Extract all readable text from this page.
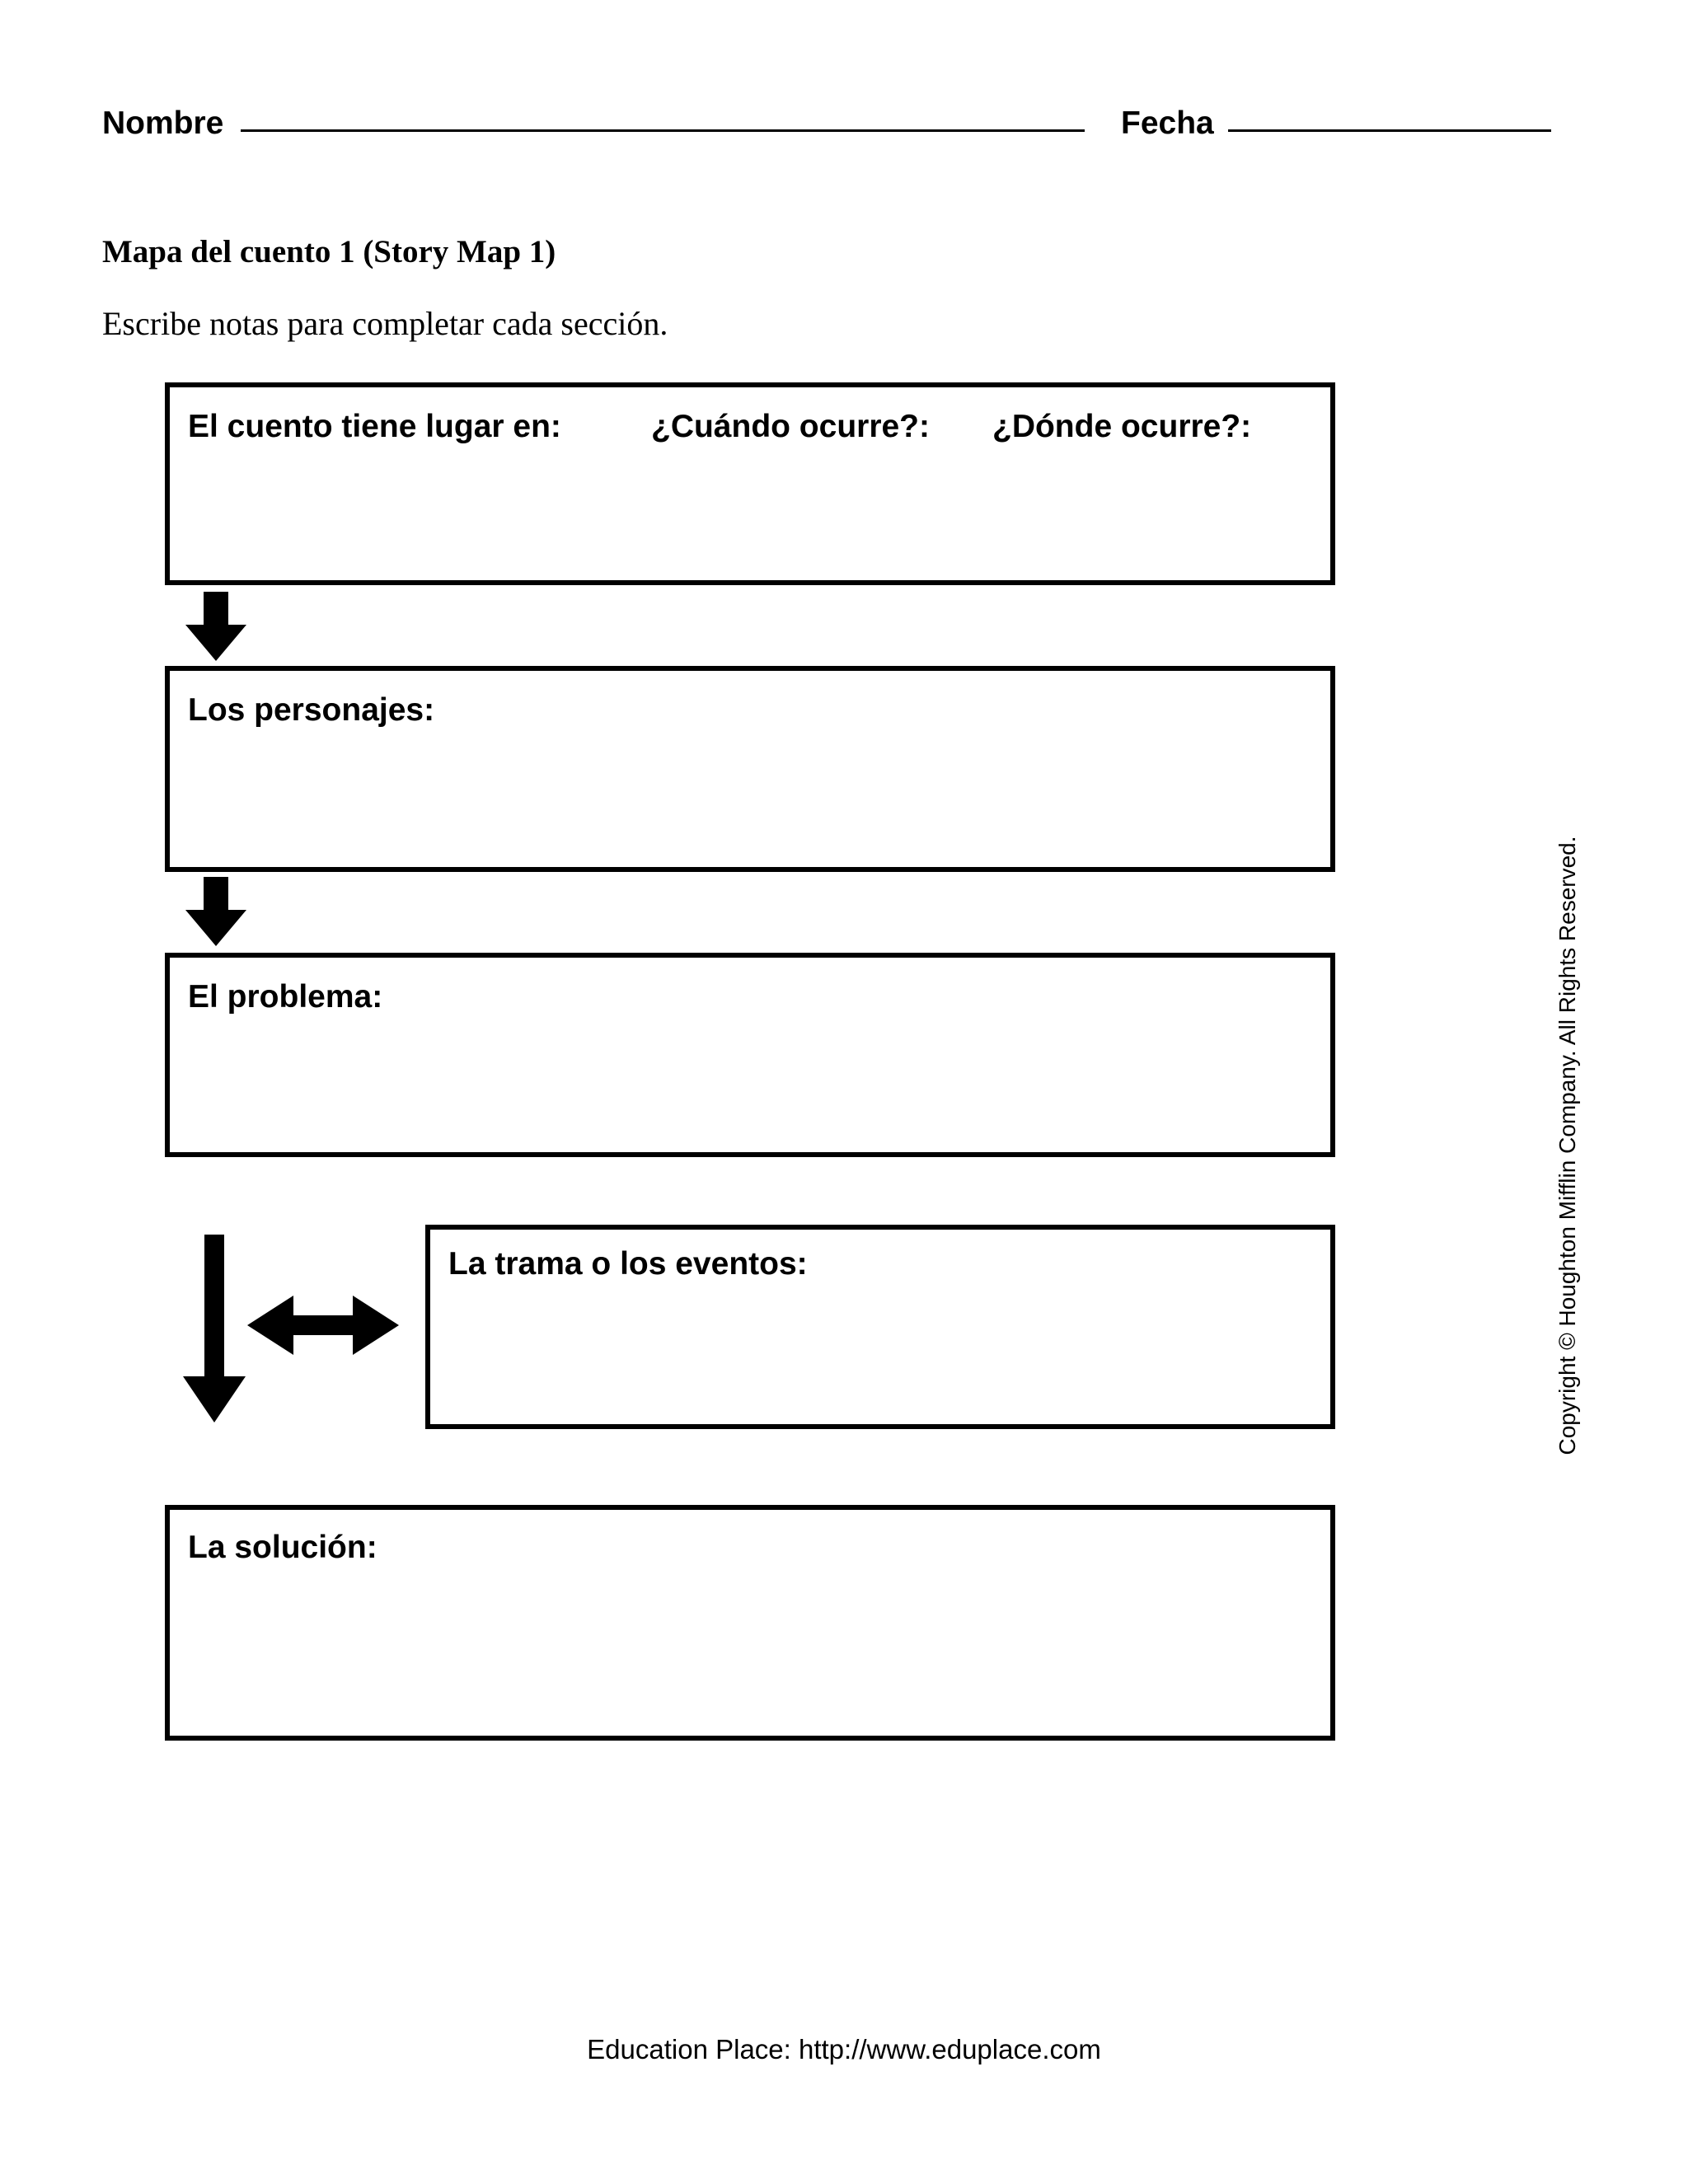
Nombre	Fecha
Mapa del cuento 1 (Story Map 1)
Escribe notas para completar cada sección.
El cuento tiene lugar en:	¿Cuándo ocurre?: ¿Dónde ocurre?:
Los personajes:
El problema:
La trama o los eventos:
La solución:
Copyright © Houghton Mifflin Company. All Rights Reserved.
Education Place: http://www.eduplace.com
